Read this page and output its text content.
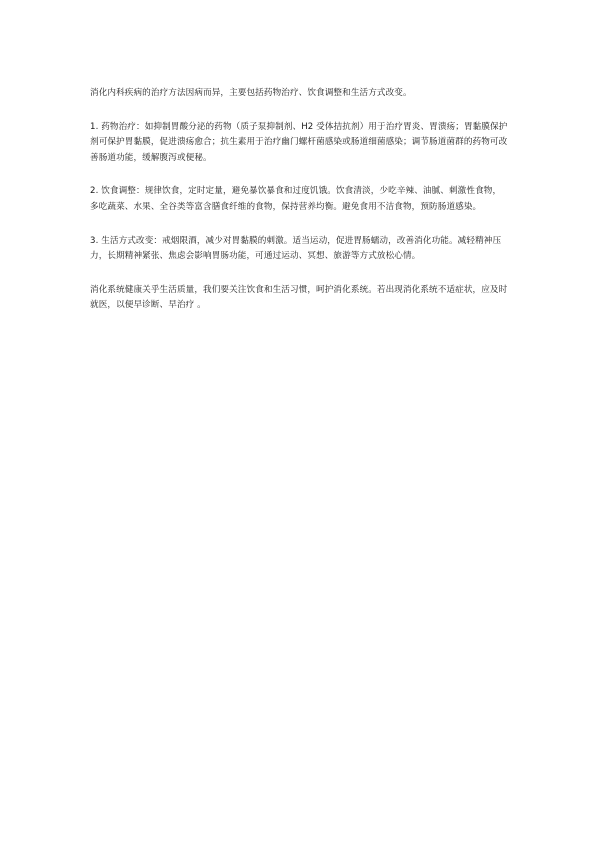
消化内科疾病的治疗方法因病而异，主要包括药物治疗、饮食调整和生活方式改变。

1. 药物治疗：如抑制胃酸分泌的药物（质子泵抑制剂、H2 受体拮抗剂）用于治疗胃炎、胃溃疡；胃黏膜保护剂可保护胃黏膜，促进溃疡愈合；抗生素用于治疗幽门螺杆菌感染或肠道细菌感染；调节肠道菌群的药物可改善肠道功能，缓解腹泻或便秘。

2. 饮食调整：规律饮食，定时定量，避免暴饮暴食和过度饥饿。饮食清淡，少吃辛辣、油腻、刺激性食物，多吃蔬菜、水果、全谷类等富含膳食纤维的食物，保持营养均衡。避免食用不洁食物，预防肠道感染。

3. 生活方式改变：戒烟限酒，减少对胃黏膜的刺激。适当运动，促进胃肠蠕动，改善消化功能。减轻精神压力，长期精神紧张、焦虑会影响胃肠功能，可通过运动、冥想、旅游等方式放松心情。

消化系统健康关乎生活质量，我们要关注饮食和生活习惯，呵护消化系统。若出现消化系统不适症状，应及时就医，以便早诊断、早治疗 。
